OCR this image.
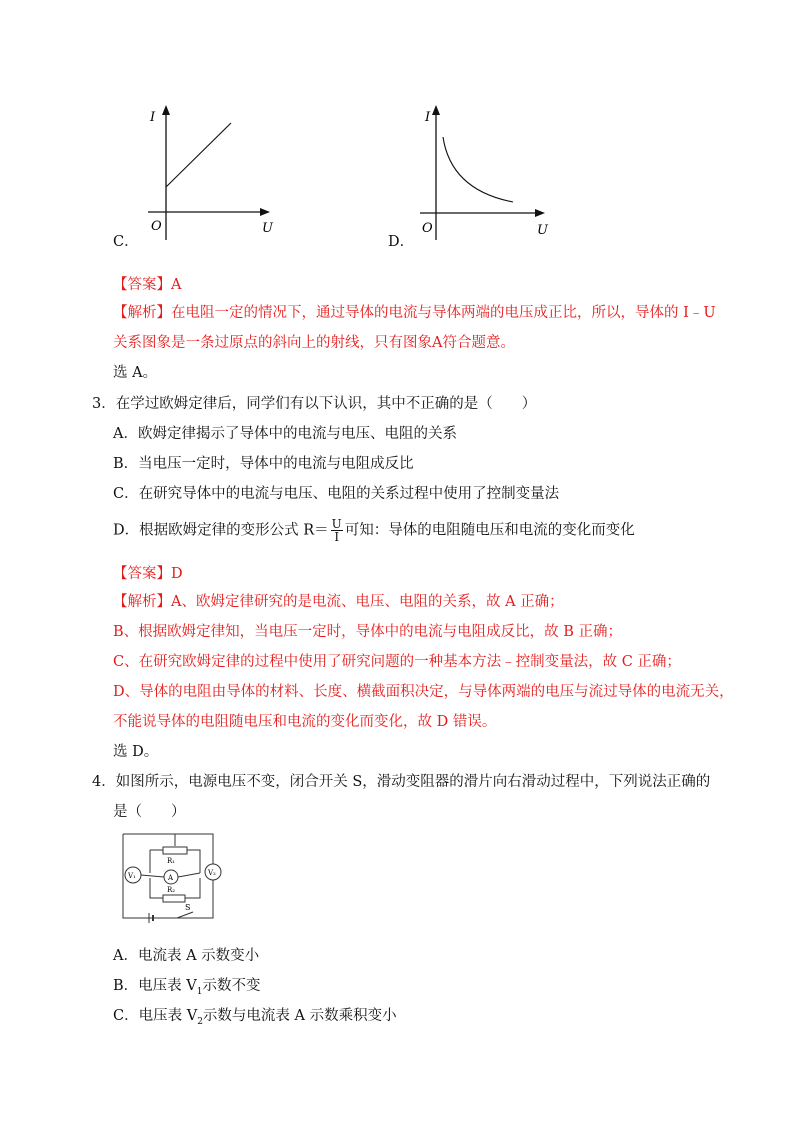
I
U
O
C．
I
U
O
D．
【答案】A
【解析】在电阻一定的情况下，通过导体的电流与导体两端的电压成正比，所以，导体的 I﹣U
关系图象是一条过原点的斜向上的射线，只有图象A符合题意。
选 A。
3．在学过欧姆定律后，同学们有以下认识，其中不正确的是（　　）
A．欧姆定律揭示了导体中的电流与电压、电阻的关系
B．当电压一定时，导体中的电流与电阻成反比
C．在研究导体中的电流与电压、电阻的关系过程中使用了控制变量法
D．根据欧姆定律的变形公式 $R= \frac{U}{I}$ 可知：导体的电阻随电压和电流的变化而变化
【答案】D
【解析】A、欧姆定律研究的是电流、电压、电阻的关系，故 A 正确；
B、根据欧姆定律知，当电压一定时，导体中的电流与电阻成反比，故 B 正确；
C、在研究欧姆定律的过程中使用了研究问题的一种基本方法﹣控制变量法，故 C 正确；
D、导体的电阻由导体的材料、长度、横截面积决定，与导体两端的电压与流过导体的电流无关，
不能说导体的电阻随电压和电流的变化而变化，故 D 错误。
选 D。
4．如图所示，电源电压不变，闭合开关 S，滑动变阻器的滑片向右滑动过程中，下列说法正确的
是（　　）
R₁
V₁	A
V₂
R₂
S
A．电流表 A 示数变小
B．电压表 $V_1$示数不变
C．电压表 $V_2$示数与电流表 A 示数乘积变小
